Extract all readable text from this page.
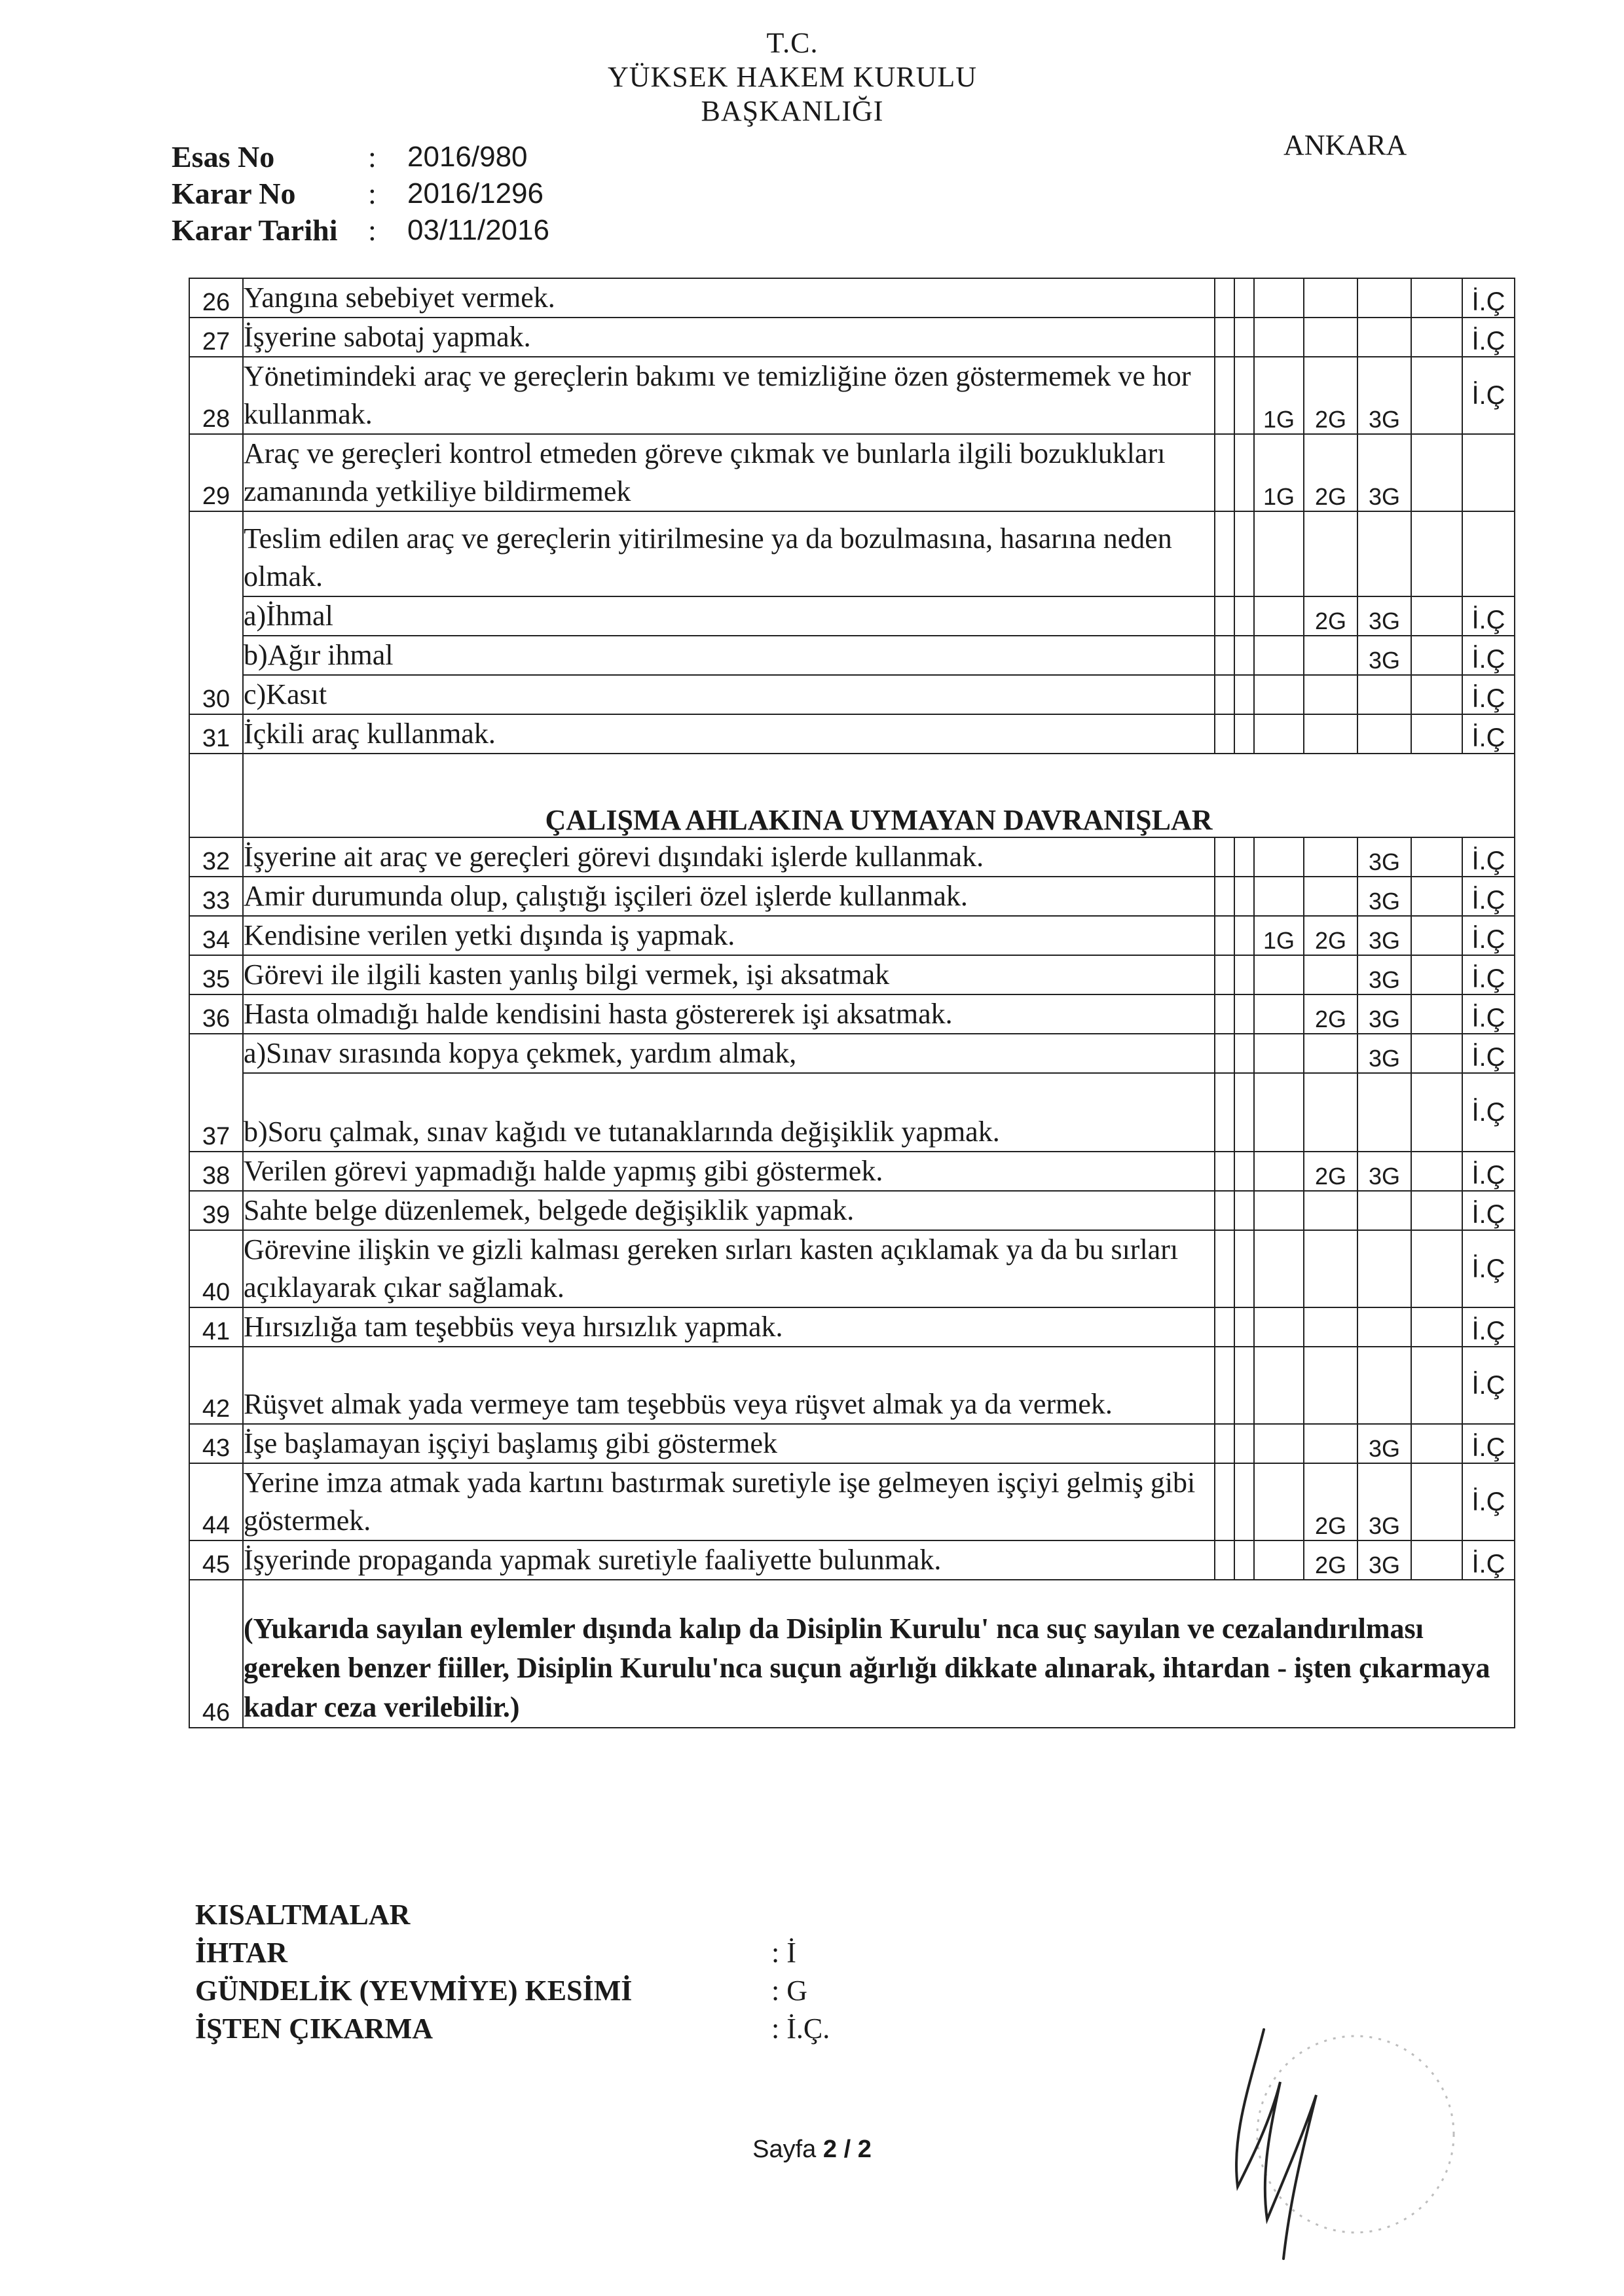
T.C.
YÜKSEK HAKEM KURULU
BAŞKANLIĞI
ANKARA
Esas No	:	2016/980
Karar No	:	2016/1296
Karar Tarihi	:	03/11/2016
26	Yangına sebebiyet vermek.							İ.Ç
27	İşyerine sabotaj yapmak.							İ.Ç
28	Yönetimindeki araç ve gereçlerin bakımı ve temizliğine özen göstermemek ve hor kullanmak.			1G	2G	3G		İ.Ç
29	Araç ve gereçleri kontrol etmeden göreve çıkmak ve bunlarla ilgili bozuklukları zamanında yetkiliye bildirmemek			1G	2G	3G		
30	Teslim edilen araç ve gereçlerin yitirilmesine ya da bozulmasına, hasarına neden olmak.							
	a)İhmal				2G	3G		İ.Ç
	b)Ağır ihmal					3G		İ.Ç
	c)Kasıt							İ.Ç
31	İçkili araç kullanmak.							İ.Ç
	ÇALIŞMA AHLAKINA UYMAYAN DAVRANIŞLAR							
32	İşyerine ait araç ve gereçleri görevi dışındaki işlerde kullanmak.					3G		İ.Ç
33	Amir durumunda olup, çalıştığı işçileri özel işlerde kullanmak.					3G		İ.Ç
34	Kendisine verilen yetki dışında iş yapmak.			1G	2G	3G		İ.Ç
35	Görevi ile ilgili kasten yanlış bilgi vermek, işi aksatmak					3G		İ.Ç
36	Hasta olmadığı halde kendisini hasta göstererek işi aksatmak.				2G	3G		İ.Ç
37	a)Sınav sırasında kopya çekmek, yardım almak,					3G		İ.Ç
	b)Soru çalmak, sınav kağıdı ve tutanaklarında değişiklik yapmak.							İ.Ç
38	Verilen görevi yapmadığı halde yapmış gibi göstermek.				2G	3G		İ.Ç
39	Sahte belge düzenlemek, belgede değişiklik yapmak.							İ.Ç
40	Görevine ilişkin ve gizli kalması gereken sırları kasten açıklamak ya da bu sırları açıklayarak çıkar sağlamak.							İ.Ç
41	Hırsızlığa tam teşebbüs veya hırsızlık yapmak.							İ.Ç
42	Rüşvet almak yada vermeye tam teşebbüs veya rüşvet almak ya da vermek.							İ.Ç
43	İşe başlamayan işçiyi başlamış gibi göstermek					3G		İ.Ç
44	Yerine imza atmak yada kartını bastırmak suretiyle işe gelmeyen işçiyi gelmiş gibi göstermek.				2G	3G		İ.Ç
45	İşyerinde propaganda yapmak suretiyle faaliyette bulunmak.				2G	3G		İ.Ç
46	(Yukarıda sayılan eylemler dışında kalıp da Disiplin Kurulu' nca suç sayılan ve cezalandırılması gereken benzer fiiller, Disiplin Kurulu'nca suçun ağırlığı dikkate alınarak, ihtardan - işten çıkarmaya kadar ceza verilebilir.)							
KISALTMALAR
İHTAR	: İ
GÜNDELİK (YEVMİYE) KESİMİ	: G
İŞTEN ÇIKARMA	: İ.Ç.
Sayfa 2 / 2
